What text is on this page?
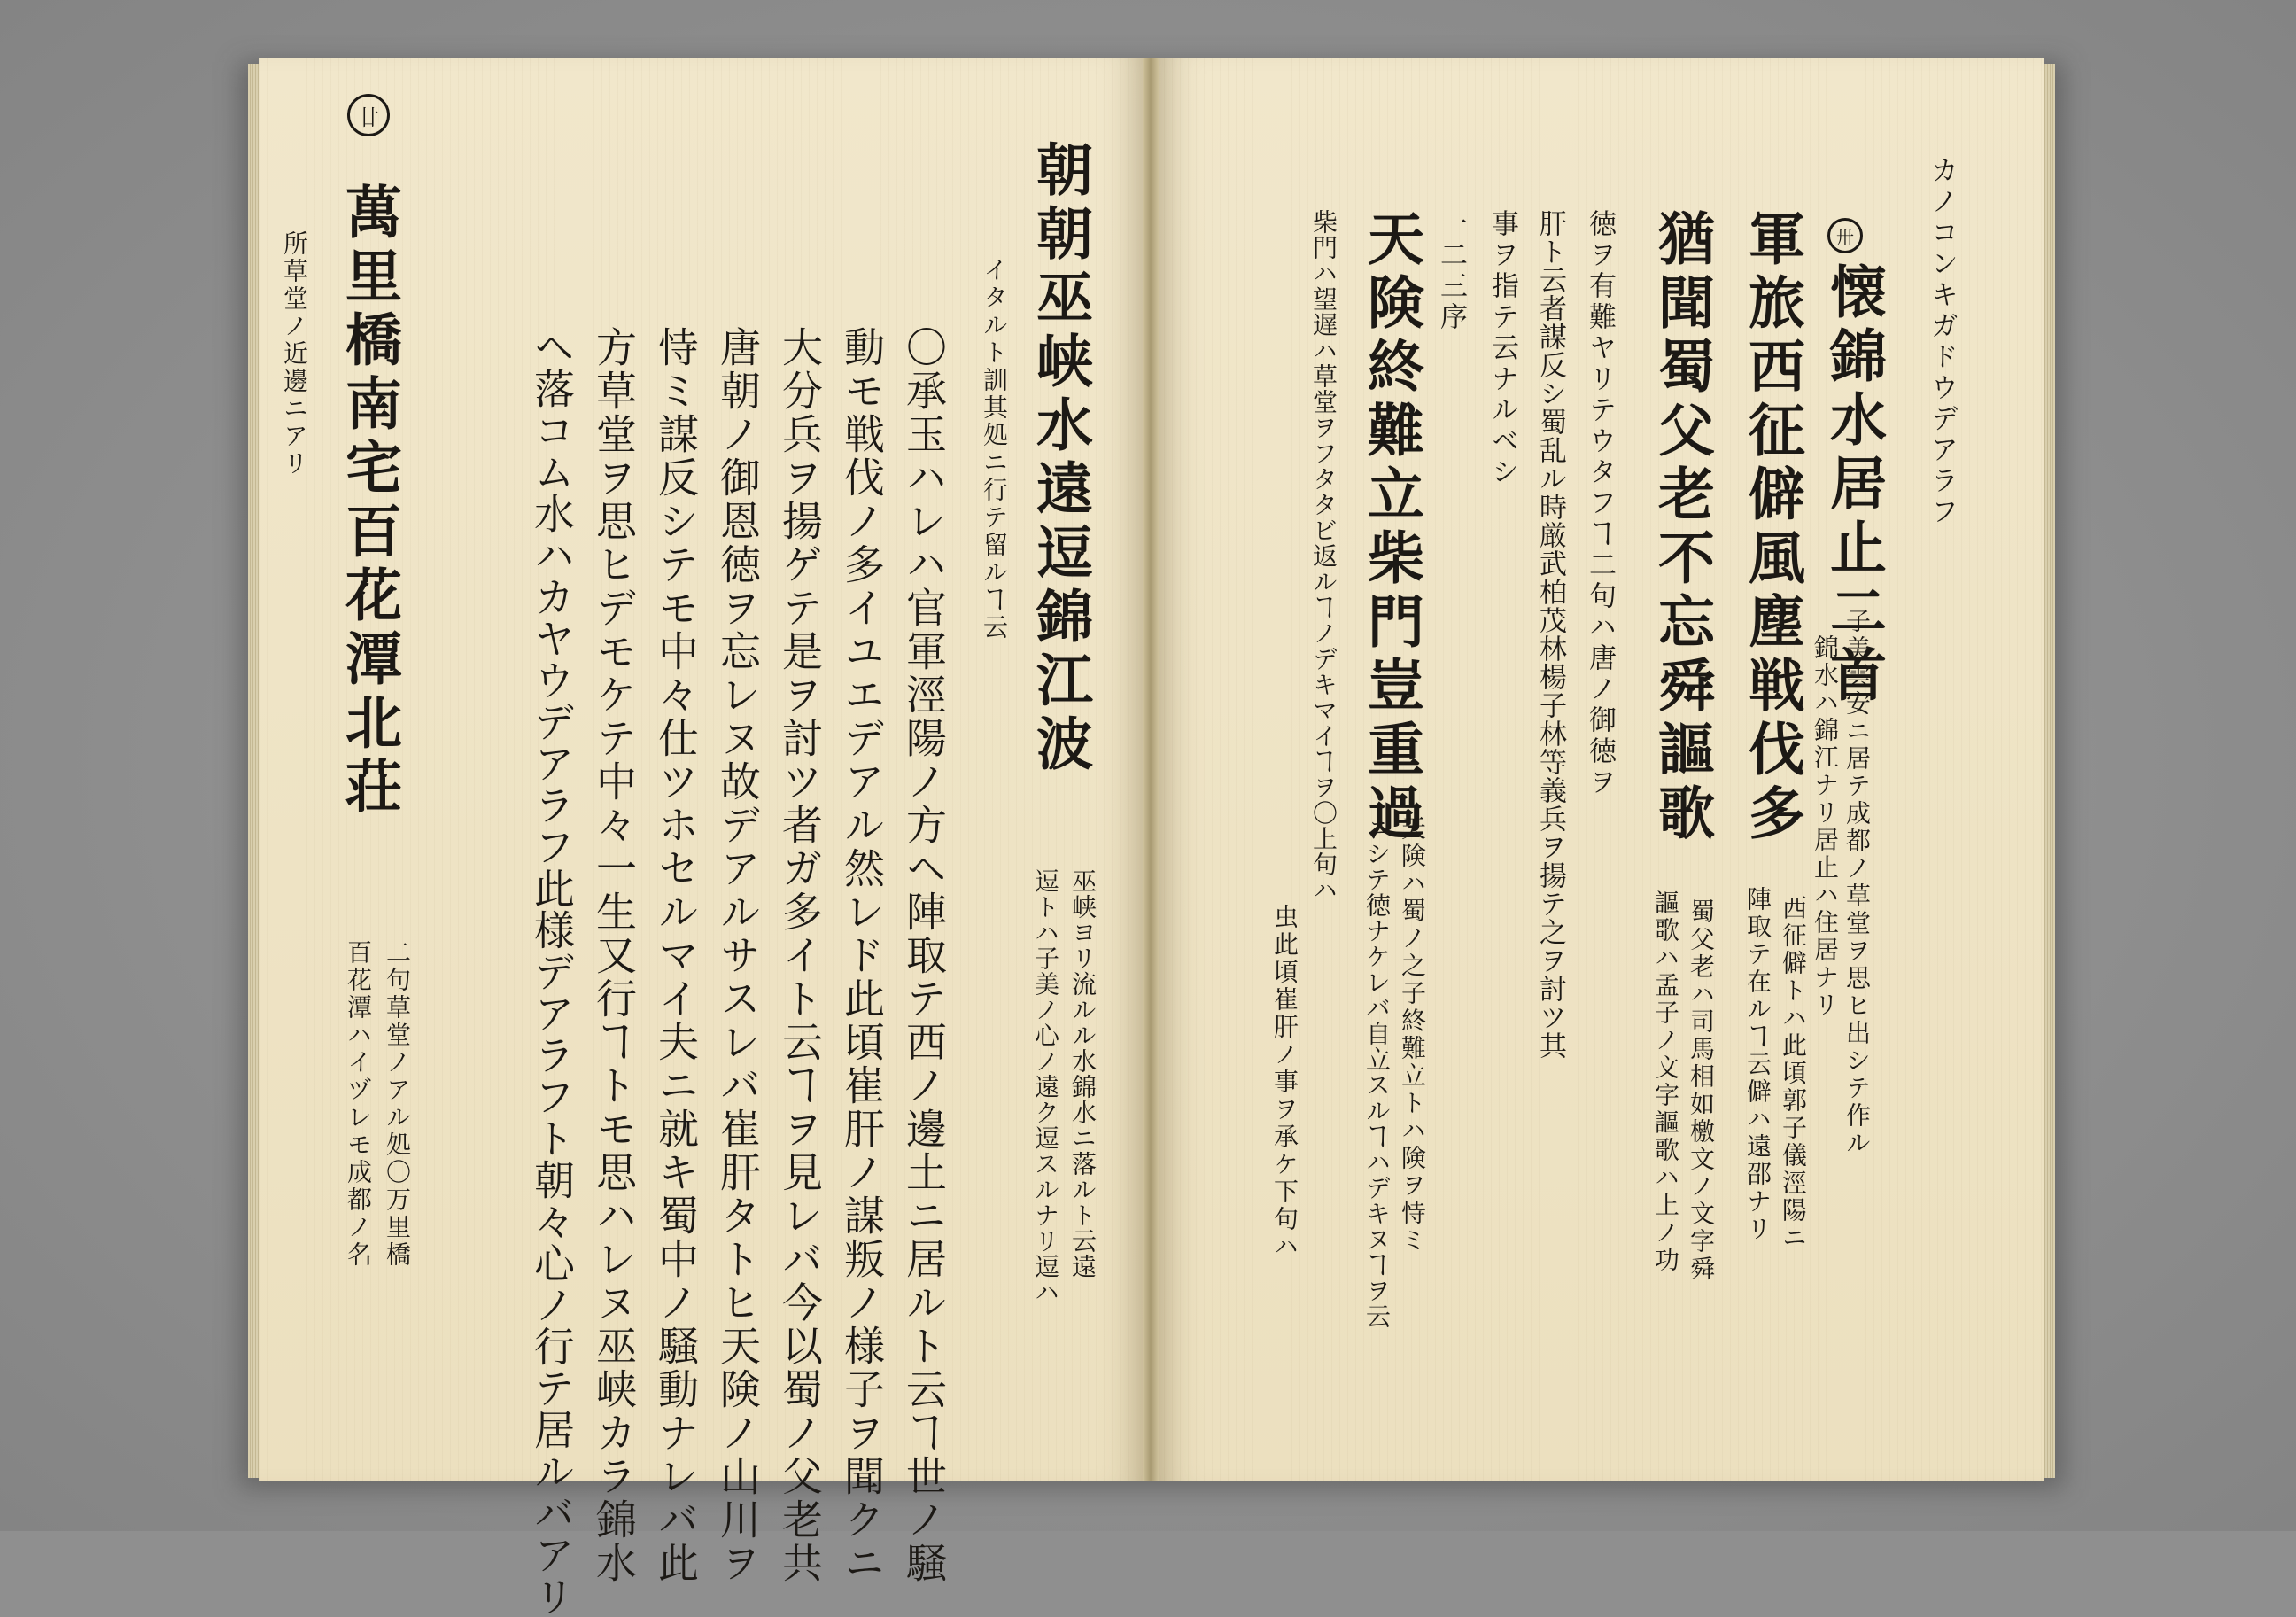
カノコンキガドウデアラフ
卅
懐錦水居止二首
子美雲安ニ居テ成都ノ草堂ヲ思ヒ出シテ作ル
錦水ハ錦江ナリ居止ハ住居ナリ
軍旅西征僻風塵戦伐多
西征僻トハ此頃郭子儀涇陽ニ
陣取テ在ルヿ云僻ハ遠邵ナリ
猶聞蜀父老不忘舜謳歌
蜀父老ハ司馬相如檄文ノ文字舜
謳歌ハ孟子ノ文字謳歌ハ上ノ功
徳ヲ有難ヤリテウタフヿ二句ハ唐ノ御徳ヲ
肝ト云者謀反シ蜀乱ル時厳武柏茂林楊子林等義兵ヲ揚テ之ヲ討ツ其
事ヲ指テ云ナルベシ
一二三序
天険終難立柴門豈重過
天険ハ蜀ノ之子終難立トハ険ヲ恃ミ
ニシテ徳ナケレバ自立スルヿハデキヌヿヲ云
柴門ハ望遅ハ草堂ヲフタタビ返ルヿノデキマイヿヲ〇上句ハ
虫此頃崔肝ノ事ヲ承ケ下句ハ
朝朝巫峡水遠逗錦江波
巫峡ヨリ流ルル水錦水ニ落ルト云遠
逗トハ子美ノ心ノ遠ク逗スルナリ逗ハ
イタルト訓其処ニ行テ留ルヿ云
〇承玉ハレハ官軍涇陽ノ方ヘ陣取テ西ノ邊土ニ居ルト云ヿ世ノ騒
動モ戦伐ノ多イユエデアル然レド此頃崔肝ノ謀叛ノ様子ヲ聞クニ
大分兵ヲ揚ゲテ是ヲ討ツ者ガ多イト云ヿヲ見レバ今以蜀ノ父老共
唐朝ノ御恩徳ヲ忘レヌ故デアルサスレバ崔肝タトヒ天険ノ山川ヲ
恃ミ謀反シテモ中々仕ツホセルマイ夫ニ就キ蜀中ノ騒動ナレバ此
方草堂ヲ思ヒデモケテ中々一生又行ヿトモ思ハレヌ巫峡カラ錦水
ヘ落コム水ハカヤウデアラフ此様デアラフト朝々心ノ行テ居ルバアリ
廿
萬里橋南宅百花潭北荘
二句草堂ノアル処〇万里橋
百花潭ハイヅレモ成都ノ名
所草堂ノ近邊ニアリ
